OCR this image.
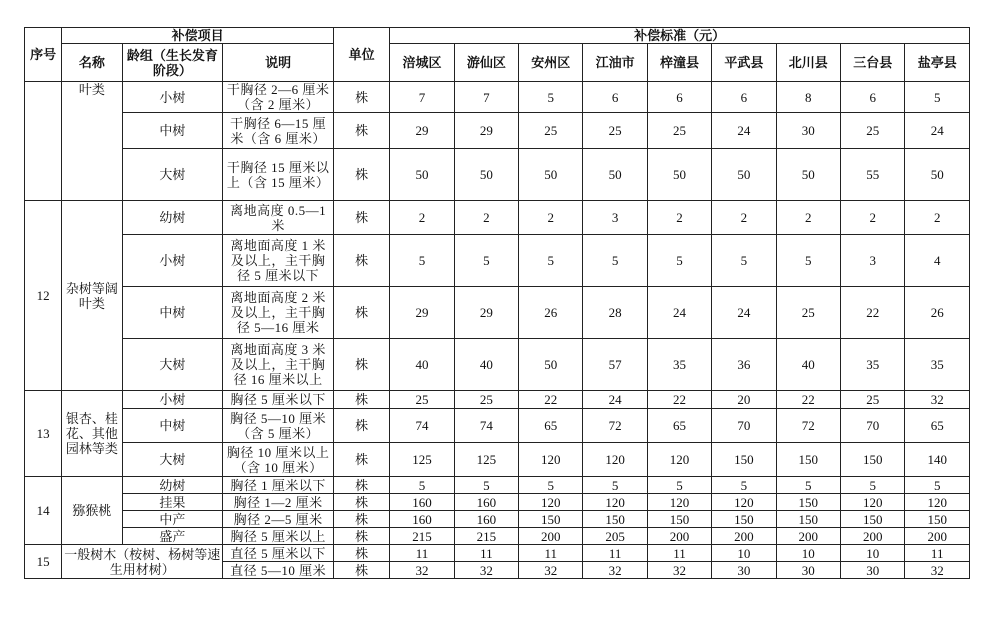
序号	补偿项目			单位	补偿标准（元）								
	名称	龄组（生长发育阶段）	说明		涪城区	游仙区	安州区	江油市	梓潼县	平武县	北川县	三台县	盐亭县
	叶类	小树	干胸径 2—6 厘米（含 2 厘米）	株	7	7	5	6	6	6	8	6	5
		中树	干胸径 6—15 厘米（含 6 厘米）	株	29	29	25	25	25	24	30	25	24
		大树	干胸径 15 厘米以上（含 15 厘米）	株	50	50	50	50	50	50	50	55	50
12	杂树等阔叶类	幼树	离地高度 0.5—1 米	株	2	2	2	3	2	2	2	2	2
		小树	离地面高度 1 米及以上，主干胸径 5 厘米以下	株	5	5	5	5	5	5	5	3	4
		中树	离地面高度 2 米及以上，主干胸径 5—16 厘米	株	29	29	26	28	24	24	25	22	26
		大树	离地面高度 3 米及以上，主干胸径 16 厘米以上	株	40	40	50	57	35	36	40	35	35
13	银杏、桂花、其他园林等类	小树	胸径 5 厘米以下	株	25	25	22	24	22	20	22	25	32
		中树	胸径 5—10 厘米（含 5 厘米）	株	74	74	65	72	65	70	72	70	65
		大树	胸径 10 厘米以上（含 10 厘米）	株	125	125	120	120	120	150	150	150	140
14	猕猴桃	幼树	胸径 1 厘米以下	株	5	5	5	5	5	5	5	5	5
		挂果	胸径 1—2 厘米	株	160	160	120	120	120	120	150	120	120
		中产	胸径 2—5 厘米	株	160	160	150	150	150	150	150	150	150
		盛产	胸径 5 厘米以上	株	215	215	200	205	200	200	200	200	200
15	一般树木（桉树、杨树等速生用材树）		直径 5 厘米以下	株	11	11	11	11	11	10	10	10	11
			直径 5—10 厘米	株	32	32	32	32	32	30	30	30	32
